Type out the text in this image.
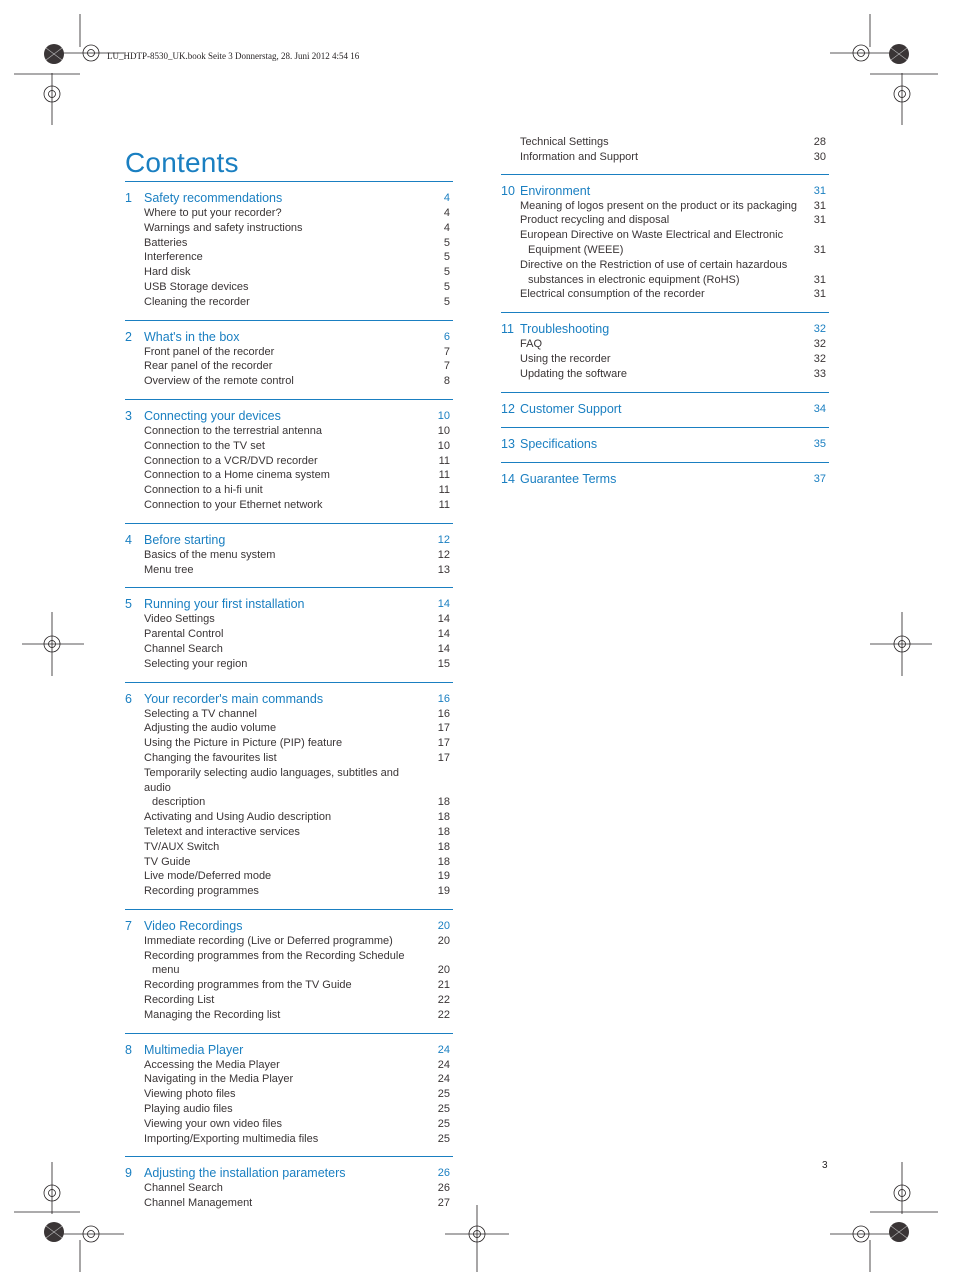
LU_HDTP-8530_UK.book Seite 3 Donnerstag, 28. Juni 2012 4:54 16
Contents
1 Safety recommendations	4
Where to put your recorder?	4
Warnings and safety instructions	4
Batteries	5
Interference	5
Hard disk	5
USB Storage devices	5
Cleaning the recorder	5
2 What's in the box	6
Front panel of the recorder	7
Rear panel of the recorder	7
Overview of the remote control	8
3 Connecting your devices	10
Connection to the terrestrial antenna	10
Connection to the TV set	10
Connection to a VCR/DVD recorder	11
Connection to a Home cinema system	11
Connection to a hi-fi unit	11
Connection to your Ethernet network	11
4 Before starting	12
Basics of the menu system	12
Menu tree	13
5 Running your first installation	14
Video Settings	14
Parental Control	14
Channel Search	14
Selecting your region	15
6 Your recorder's main commands	16
Selecting a TV channel	16
Adjusting the audio volume	17
Using the Picture in Picture (PIP) feature	17
Changing the favourites list	17
Temporarily selecting audio languages, subtitles and audio
description	18
Activating and Using Audio description	18
Teletext and interactive services	18
TV/AUX Switch	18
TV Guide	18
Live mode/Deferred mode	19
Recording programmes	19
7 Video Recordings	20
Immediate recording (Live or Deferred programme)	20
Recording programmes from the Recording Schedule
menu	20
Recording programmes from the TV Guide	21
Recording List	22
Managing the Recording list	22
8 Multimedia Player	24
Accessing the Media Player	24
Navigating in the Media Player	24
Viewing photo files	25
Playing audio files	25
Viewing your own video files	25
Importing/Exporting multimedia files	25
9 Adjusting the installation parameters	26
Channel Search	26
Channel Management	27
Technical Settings	28
Information and Support	30
10 Environment	31
Meaning of logos present on the product or its packaging	31
Product recycling and disposal	31
European Directive on Waste Electrical and Electronic
Equipment (WEEE)	31
Directive on the Restriction of use of certain hazardous
substances in electronic equipment (RoHS)	31
Electrical consumption of the recorder	31
11 Troubleshooting	32
FAQ	32
Using the recorder	32
Updating the software	33
12 Customer Support	34
13 Specifications	35
14 Guarantee Terms	37
3
